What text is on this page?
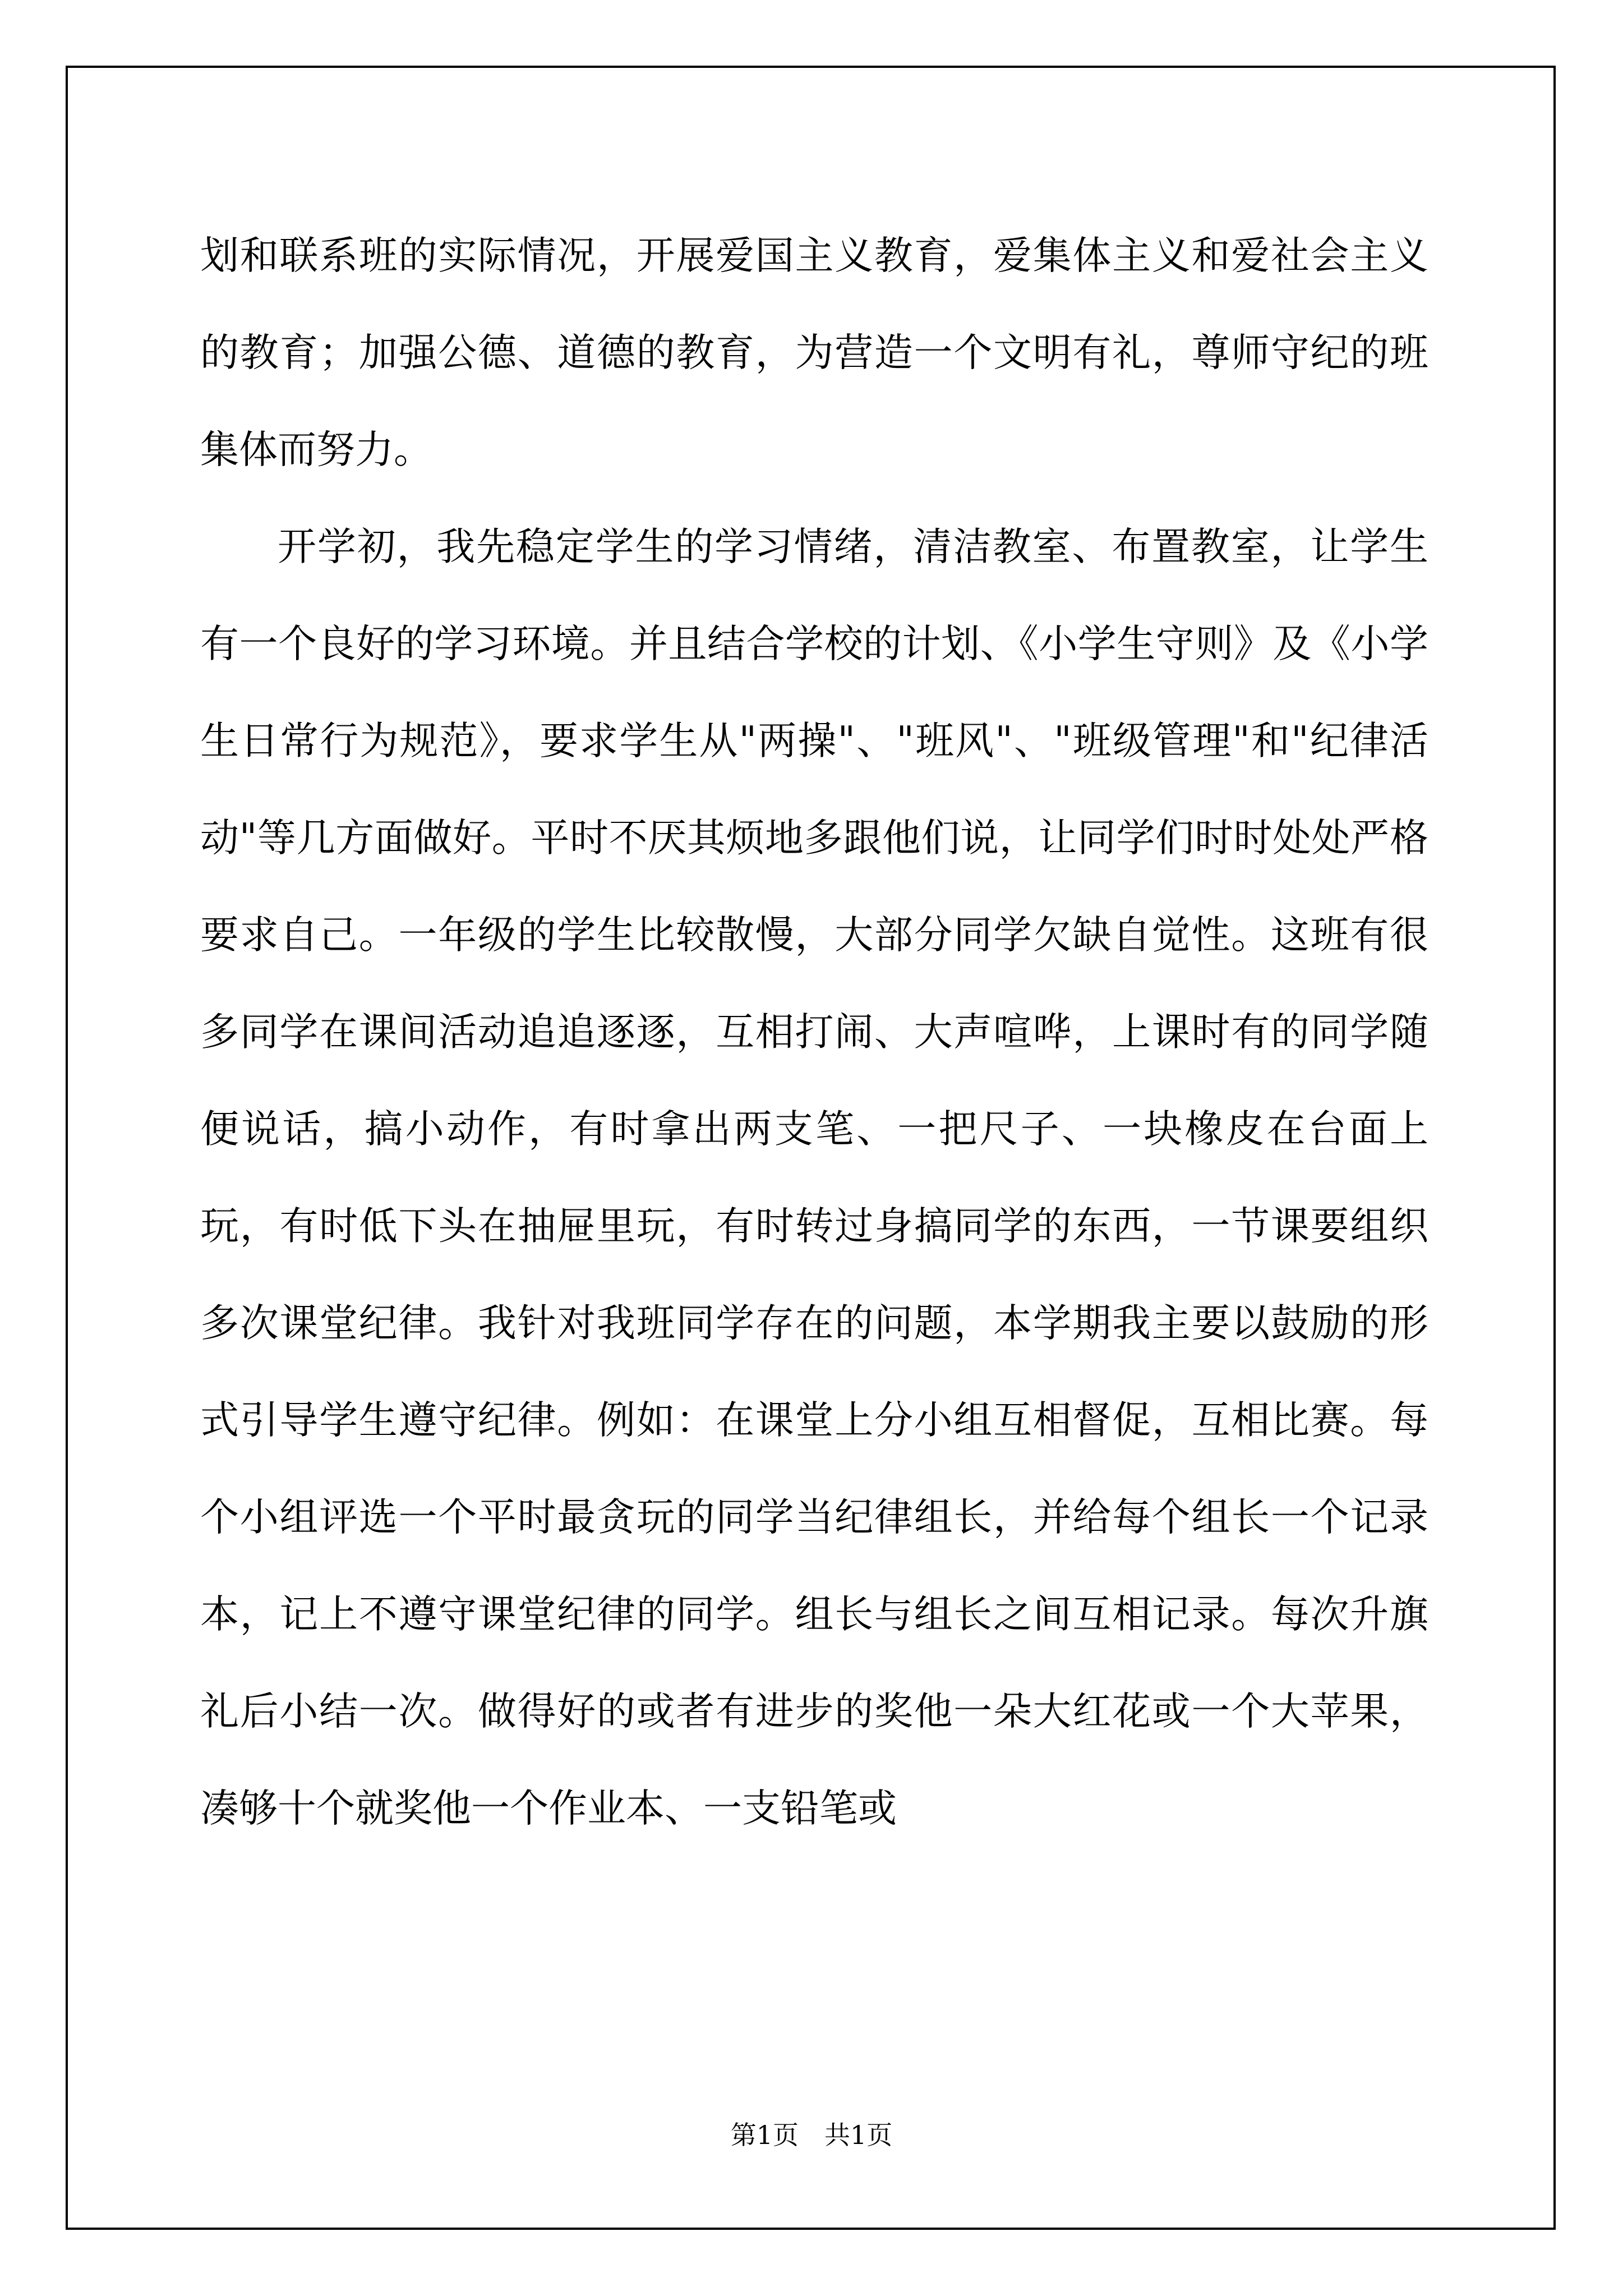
划和联系班的实际情况，开展爱国主义教育，爱集体主义和爱社会主义的教育；加强公德、道德的教育，为营造一个文明有礼，尊师守纪的班集体而努力。

开学初，我先稳定学生的学习情绪，清洁教室、布置教室，让学生有一个良好的学习环境。并且结合学校的计划、《小学生守则》及《小学生日常行为规范》，要求学生从"两操"、"班风"、"班级管理"和"纪律活动"等几方面做好。平时不厌其烦地多跟他们说，让同学们时时处处严格要求自己。一年级的学生比较散慢，大部分同学欠缺自觉性。这班有很多同学在课间活动追追逐逐，互相打闹、大声喧哗，上课时有的同学随便说话，搞小动作，有时拿出两支笔、一把尺子、一块橡皮在台面上玩，有时低下头在抽屉里玩，有时转过身搞同学的东西，一节课要组织多次课堂纪律。我针对我班同学存在的问题，本学期我主要以鼓励的形式引导学生遵守纪律。例如：在课堂上分小组互相督促，互相比赛。每个小组评选一个平时最贪玩的同学当纪律组长，并给每个组长一个记录本，记上不遵守课堂纪律的同学。组长与组长之间互相记录。每次升旗礼后小结一次。做得好的或者有进步的奖他一朵大红花或一个大苹果，凑够十个就奖他一个作业本、一支铅笔或

第1页 共1页
